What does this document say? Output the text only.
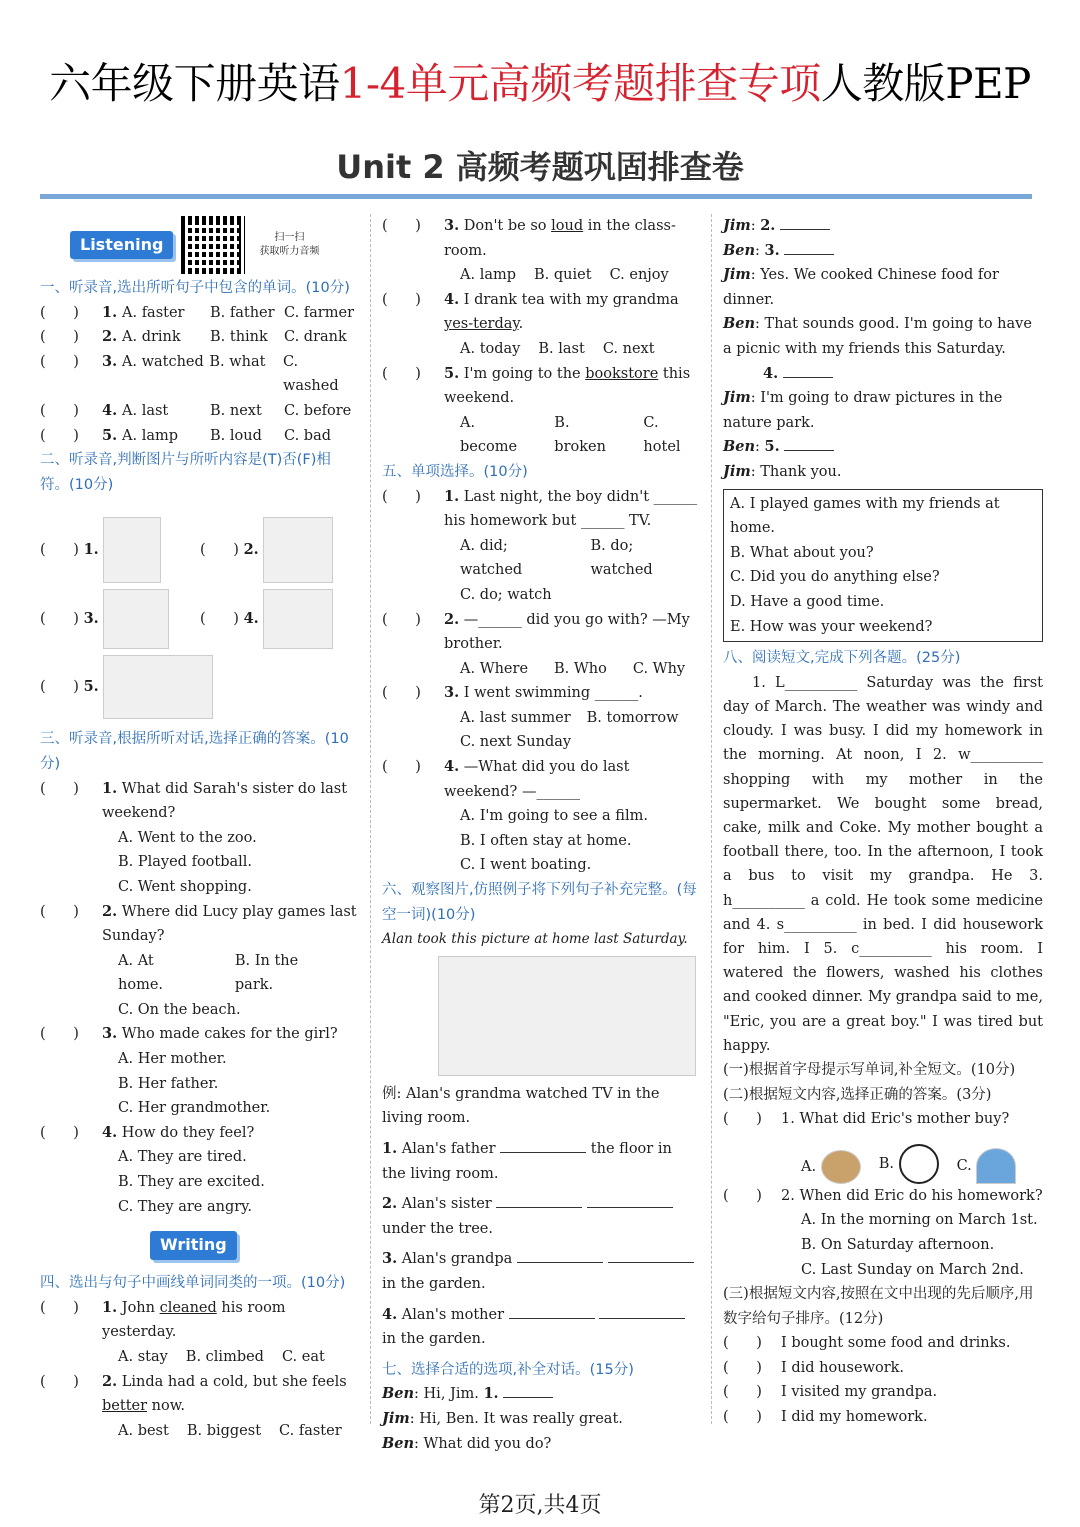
六年级下册英语1-4单元高频考题排查专项人教版PEP
Unit 2 高频考题巩固排查卷
Listening	扫一扫
获取听力音频
一、听录音,选出所听句子中包含的单词。(10分)
(      )	1. A. faster	B. father C. farmer
(      )	2. A. drink	B. think	C. drank
(      )	3. A. watched B. what	C. washed
(      )	4. A. last	B. next	C. before
(      )	5. A. lamp	B. loud	C. bad
二、听录音,判断图片与所听内容是(T)否(F)相符。(10分)
(      ) 1.	(      ) 2.
(      ) 3.	(      ) 4.
(      ) 5.
三、听录音,根据所听对话,选择正确的答案。(10分)
(      )	1. What did Sarah's sister do last weekend?
A. Went to the zoo.
B. Played football.
C. Went shopping.
(      )	2. Where did Lucy play games last Sunday?
A. At home.
B. In the park.
C. On the beach.
(      )	3. Who made cakes for the girl?
A. Her mother.
B. Her father.
C. Her grandmother.
(      )	4. How do they feel?
A. They are tired.
B. They are excited.
C. They are angry.
Writing
四、选出与句子中画线单词同类的一项。(10分)
(      )	1. John cleaned his room yesterday.
A. stay B. climbed C. eat
(      )	2. Linda had a cold, but she feels better now.
A. best B. biggest C. faster
(      )	3. Don't be so loud in the class-room.
A. lamp B. quiet C. enjoy
(      )	4. I drank tea with my grandma yes-terday.
A. today B. last C. next
(      )	5. I'm going to the bookstore this weekend.
A. become
B. broken
C. hotel
五、单项选择。(10分)
(      )	1. Last night, the boy didn't ______ his homework but ______ TV.
A. did; watched
B. do; watched
C. do; watch
(      )	2. —______ did you go with? —My brother.
A. Where B. Who C. Why
(      )	3. I went swimming ______.
A. last summer B. tomorrow
C. next Sunday
(      )	4. —What did you do last weekend? —______
A. I'm going to see a film.
B. I often stay at home.
C. I went boating.
六、观察图片,仿照例子将下列句子补充完整。(每空一词)(10分)
Alan took this picture at home last Saturday.
例: Alan's grandma watched TV in the living room.
1. Alan's father	the floor in the living room.
2. Alan's sister   under the tree.
3. Alan's grandpa   in the garden.
4. Alan's mother   in the garden.
七、选择合适的选项,补全对话。(15分)
Ben: Hi, Jim. 1.
Jim: Hi, Ben. It was really great.
Ben: What did you do?
Jim: 2.
Ben: 3.
Jim: Yes. We cooked Chinese food for dinner.
Ben: That sounds good. I'm going to have a picnic with my friends this Saturday.
4.
Jim: I'm going to draw pictures in the nature park.
Ben: 5.
Jim: Thank you.
A. I played games with my friends at home.
B. What about you?
C. Did you do anything else?
D. Have a good time.
E. How was your weekend?
八、阅读短文,完成下列各题。(25分)
1. L__________ Saturday was the first day of March. The weather was windy and cloudy. I was busy. I did my homework in the morning. At noon, I 2. w__________ shopping with my mother in the supermarket. We bought some bread, cake, milk and Coke. My mother bought a football there, too. In the afternoon, I took a bus to visit my grandpa. He 3. h__________ a cold. He took some medicine and 4. s__________ in bed. I did housework for him. I 5. c__________ his room. I watered the flowers, washed his clothes and cooked dinner. My grandpa said to me, "Eric, you are a great boy." I was tired but happy.
(一)根据首字母提示写单词,补全短文。(10分)
(二)根据短文内容,选择正确的答案。(3分)
(      )	1. What did Eric's mother buy?
A.	B.	C.
(      )	2. When did Eric do his homework?
A. In the morning on March 1st.
B. On Saturday afternoon.
C. Last Sunday on March 2nd.
(三)根据短文内容,按照在文中出现的先后顺序,用数字给句子排序。(12分)
(      )	I bought some food and drinks.
(      )	I did housework.
(      )	I visited my grandpa.
(      )	I did my homework.
第2页,共4页
